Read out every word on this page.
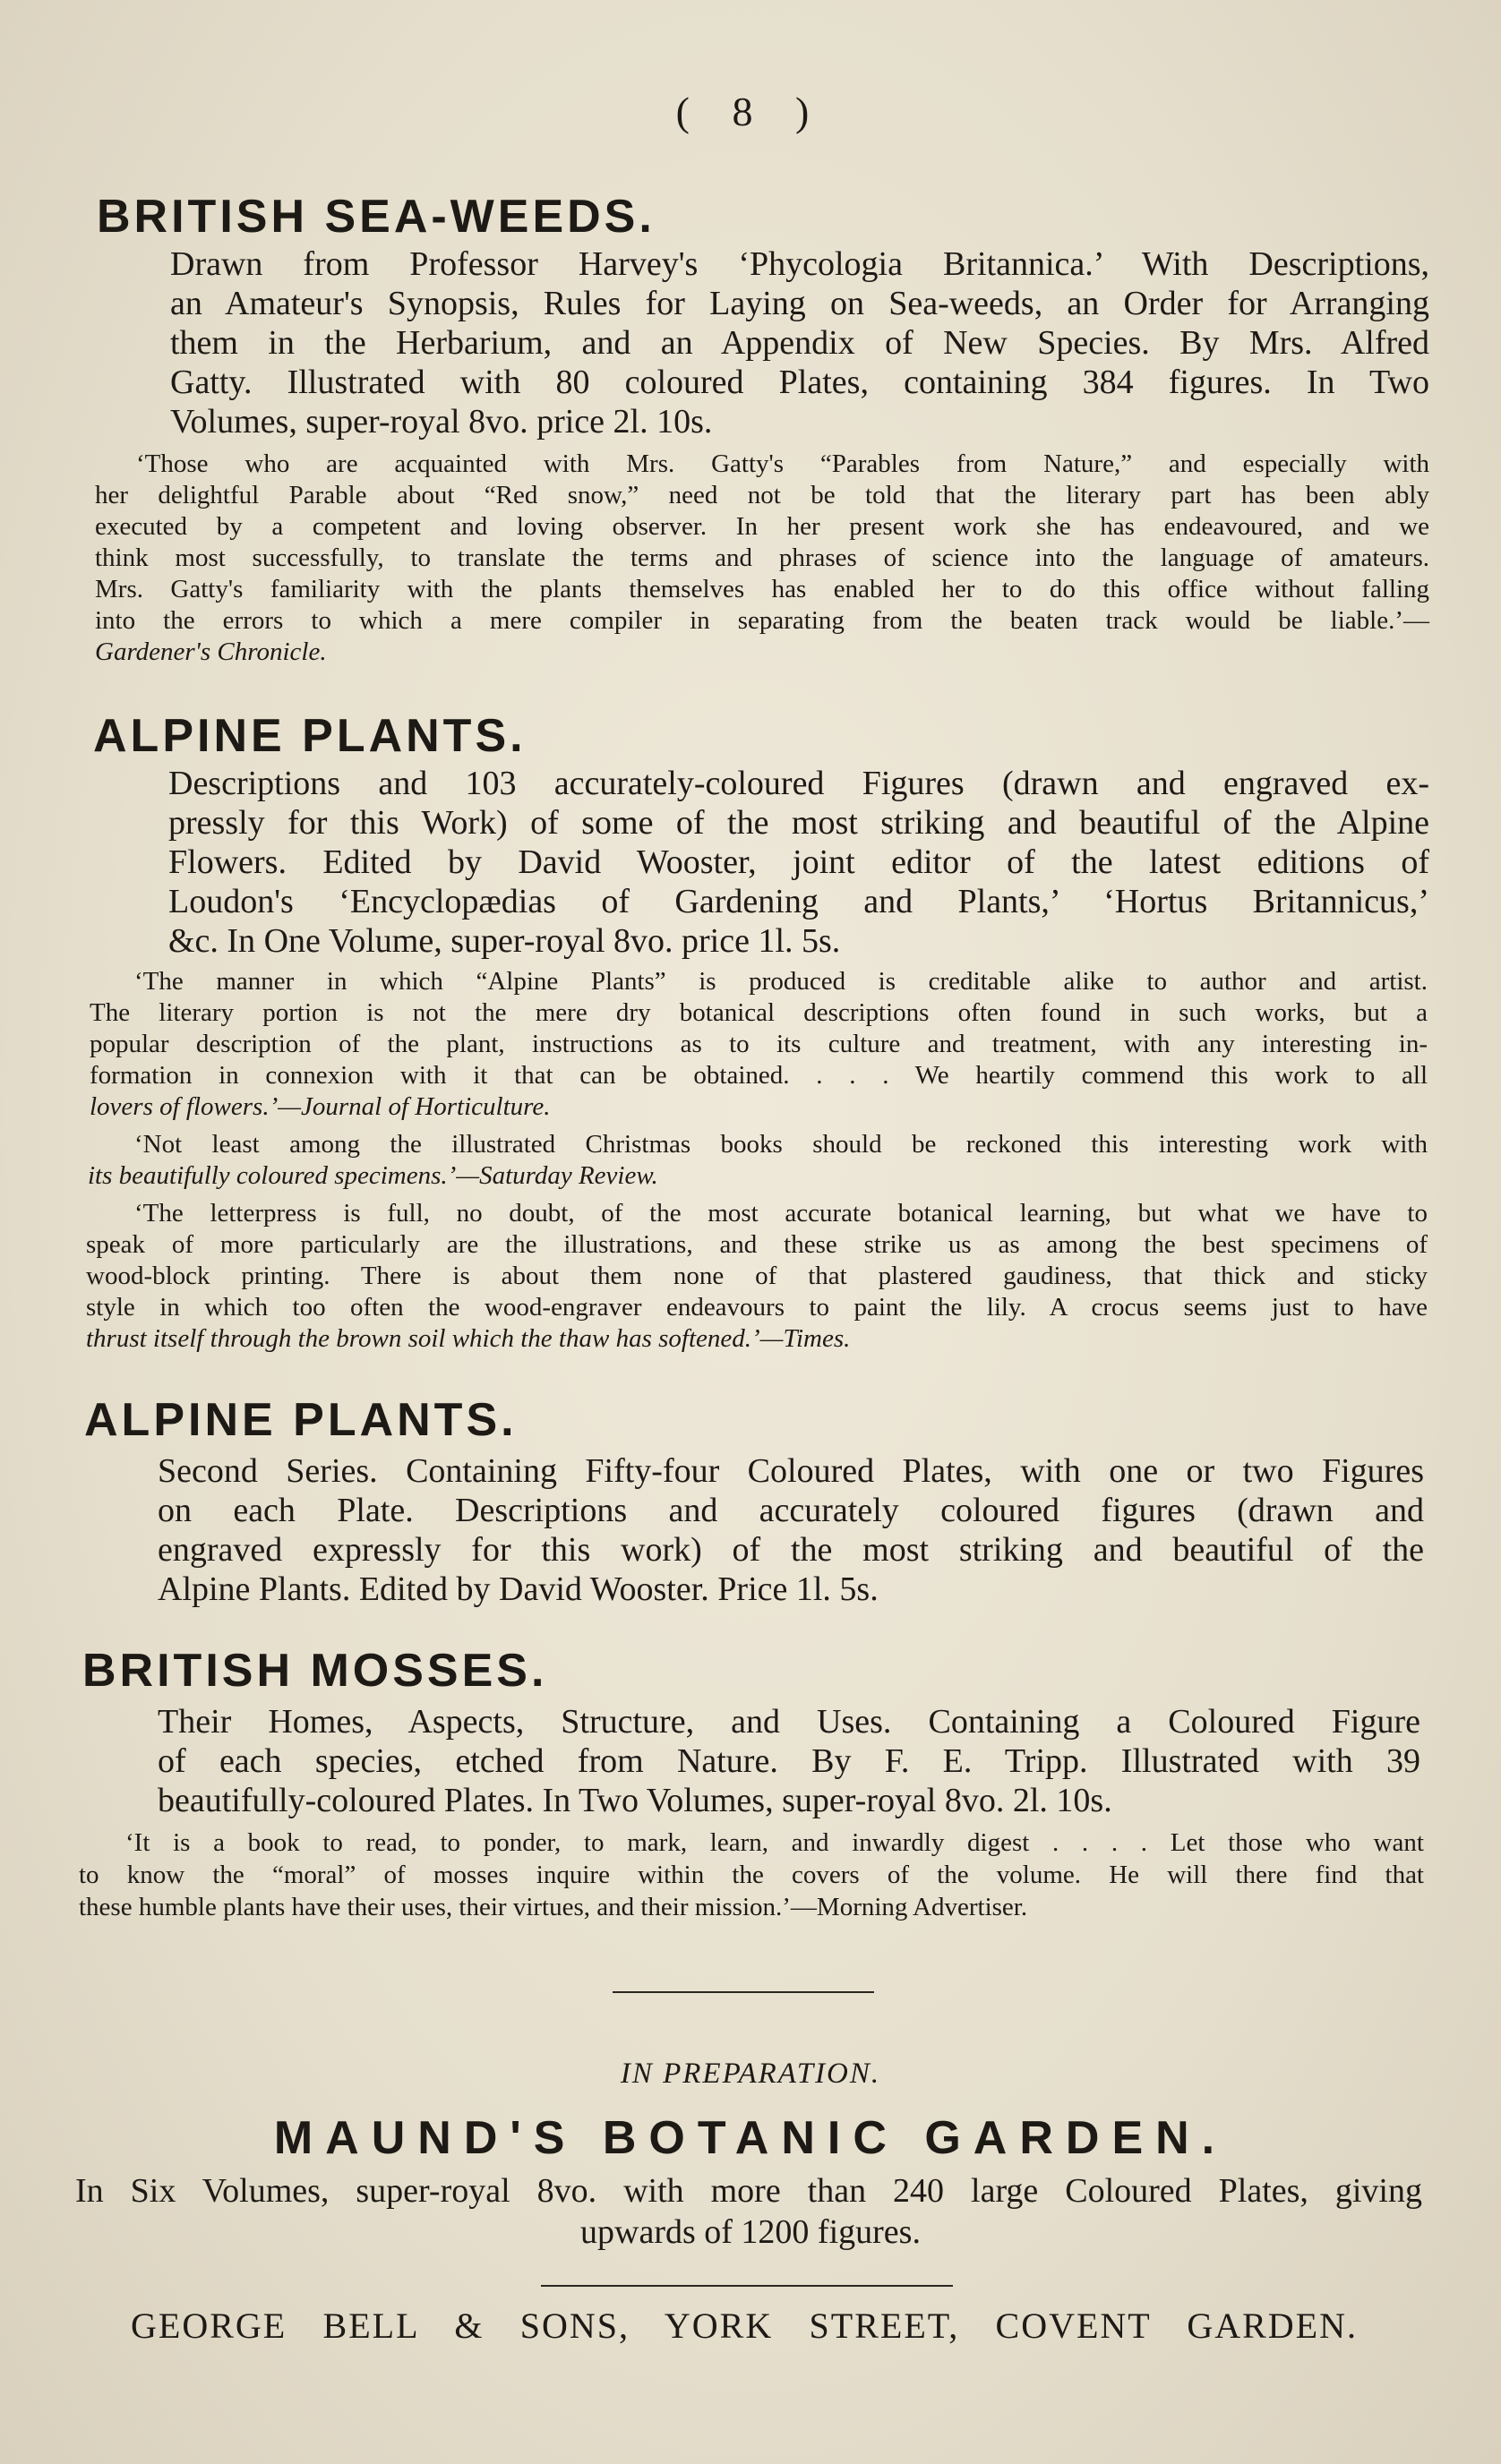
( 8 )
BRITISH SEA-WEEDS.
Drawn from Professor Harvey's ‘Phycologia Britannica.’ With Descriptions,
an Amateur's Synopsis, Rules for Laying on Sea-weeds, an Order for Arranging
them in the Herbarium, and an Appendix of New Species. By Mrs. Alfred
Gatty. Illustrated with 80 coloured Plates, containing 384 figures. In Two
Volumes, super-royal 8vo. price 2l. 10s.
‘Those who are acquainted with Mrs. Gatty's “Parables from Nature,” and especially with
her delightful Parable about “Red snow,” need not be told that the literary part has been ably
executed by a competent and loving observer. In her present work she has endeavoured, and we
think most successfully, to translate the terms and phrases of science into the language of amateurs.
Mrs. Gatty's familiarity with the plants themselves has enabled her to do this office without falling
into the errors to which a mere compiler in separating from the beaten track would be liable.’—
Gardener's Chronicle.
ALPINE PLANTS.
Descriptions and 103 accurately-coloured Figures (drawn and engraved ex-
pressly for this Work) of some of the most striking and beautiful of the Alpine
Flowers. Edited by David Wooster, joint editor of the latest editions of
Loudon's ‘Encyclopædias of Gardening and Plants,’ ‘Hortus Britannicus,’
&c. In One Volume, super-royal 8vo. price 1l. 5s.
‘The manner in which “Alpine Plants” is produced is creditable alike to author and artist.
The literary portion is not the mere dry botanical descriptions often found in such works, but a
popular description of the plant, instructions as to its culture and treatment, with any interesting in-
formation in connexion with it that can be obtained. . . . We heartily commend this work to all
lovers of flowers.’—Journal of Horticulture.
‘Not least among the illustrated Christmas books should be reckoned this interesting work with
its beautifully coloured specimens.’—Saturday Review.
‘The letterpress is full, no doubt, of the most accurate botanical learning, but what we have to
speak of more particularly are the illustrations, and these strike us as among the best specimens of
wood-block printing. There is about them none of that plastered gaudiness, that thick and sticky
style in which too often the wood-engraver endeavours to paint the lily. A crocus seems just to have
thrust itself through the brown soil which the thaw has softened.’—Times.
ALPINE PLANTS.
Second Series. Containing Fifty-four Coloured Plates, with one or two Figures
on each Plate. Descriptions and accurately coloured figures (drawn and
engraved expressly for this work) of the most striking and beautiful of the
Alpine Plants. Edited by David Wooster. Price 1l. 5s.
BRITISH MOSSES.
Their Homes, Aspects, Structure, and Uses. Containing a Coloured Figure
of each species, etched from Nature. By F. E. Tripp. Illustrated with 39
beautifully-coloured Plates. In Two Volumes, super-royal 8vo. 2l. 10s.
‘It is a book to read, to ponder, to mark, learn, and inwardly digest . . . . Let those who want
to know the “moral” of mosses inquire within the covers of the volume. He will there find that
these humble plants have their uses, their virtues, and their mission.’—Morning Advertiser.
IN PREPARATION.
MAUND'S BOTANIC GARDEN.
In Six Volumes, super-royal 8vo. with more than 240 large Coloured Plates, giving
upwards of 1200 figures.
GEORGE BELL & SONS, YORK STREET, COVENT GARDEN.
